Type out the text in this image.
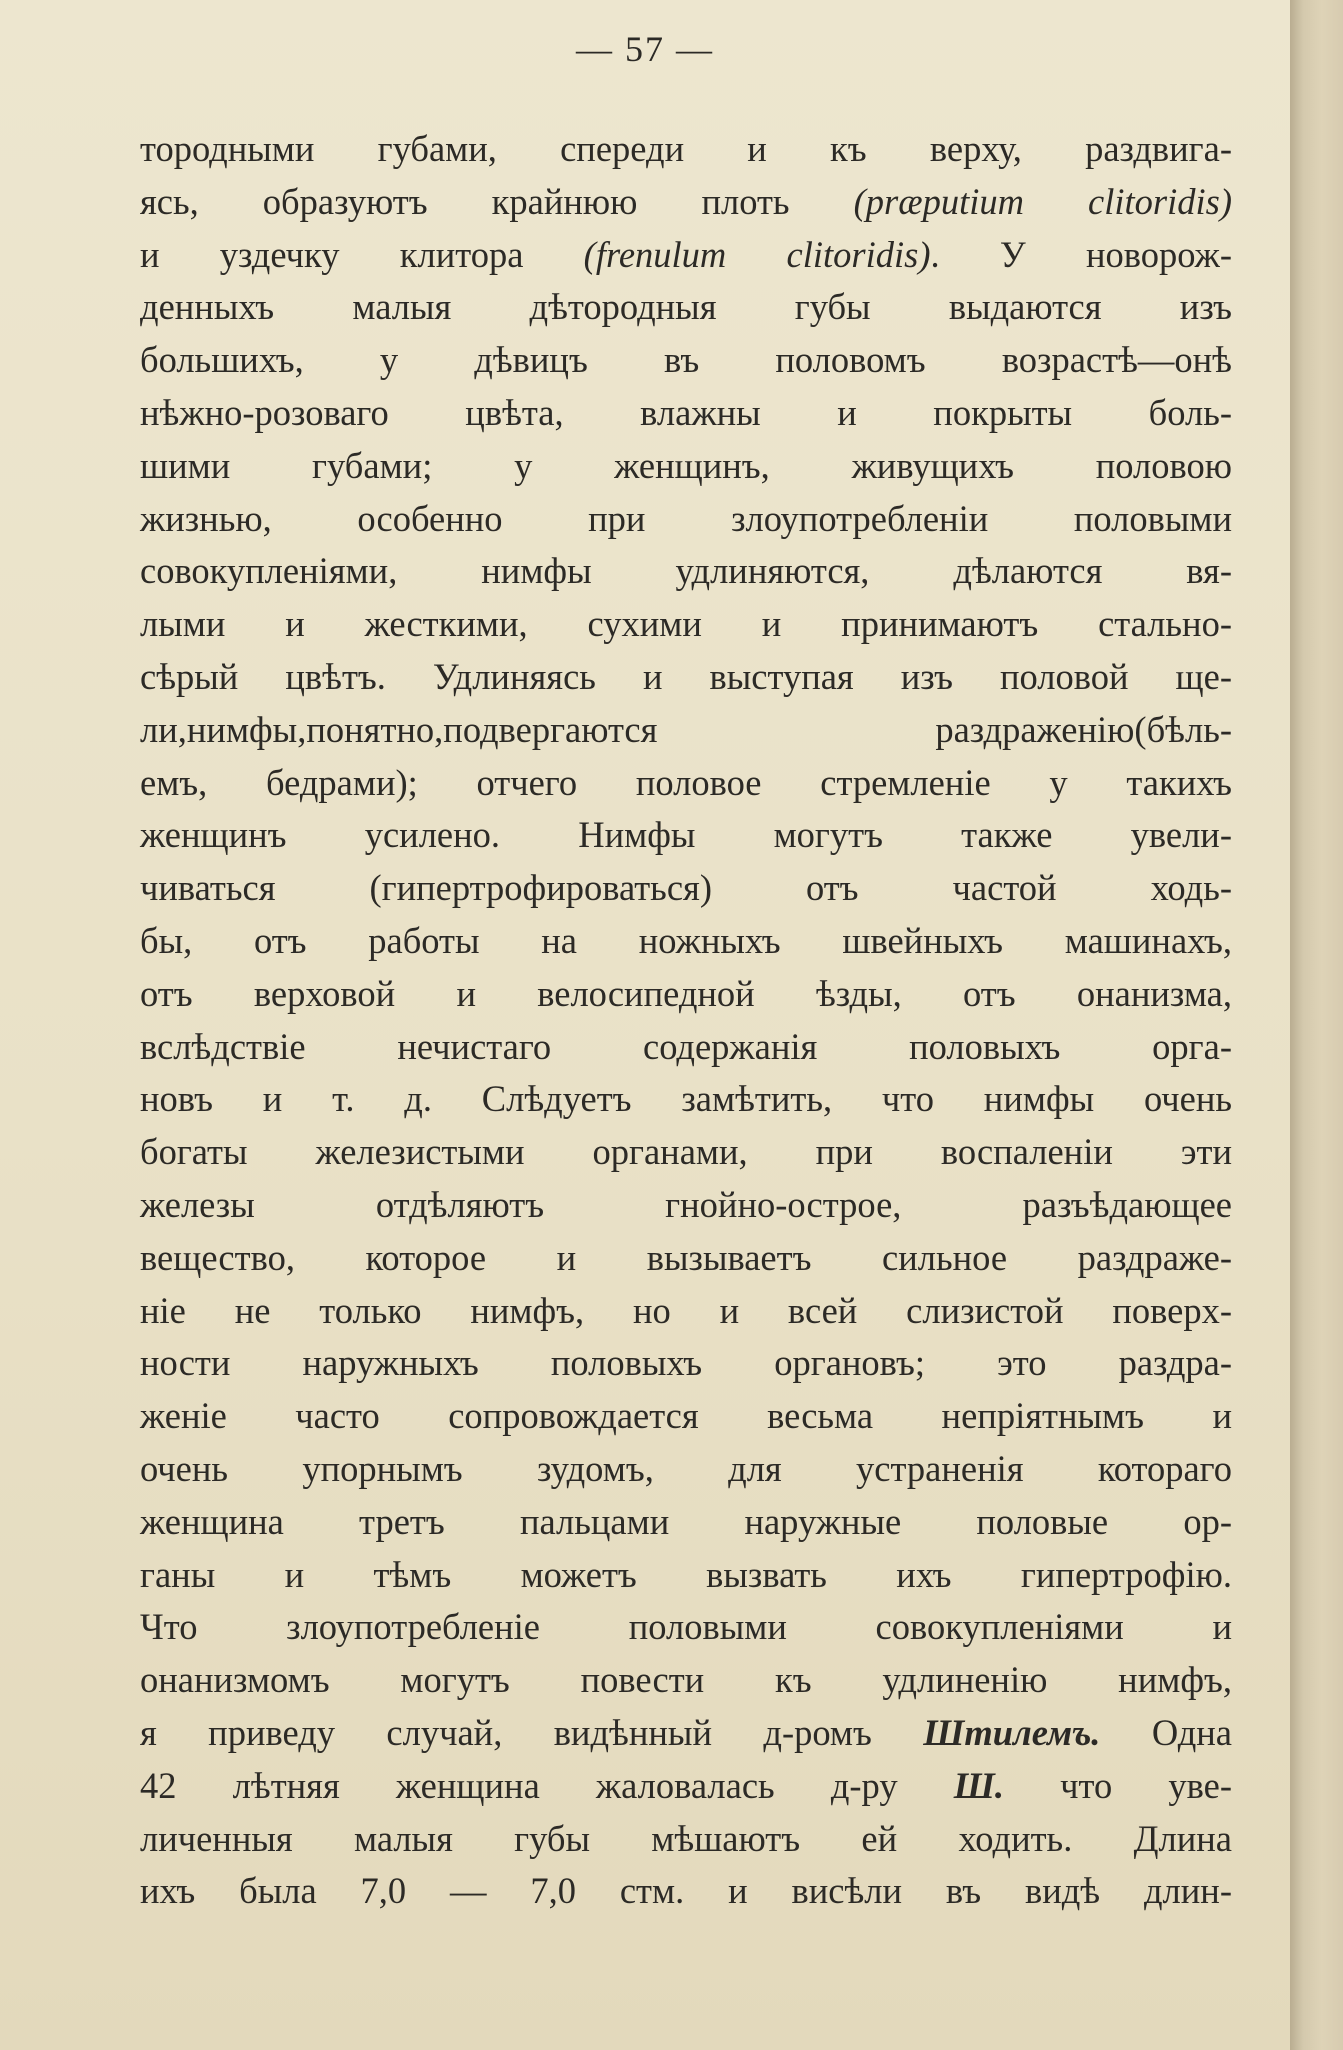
— 57 —
тородными губами, спереди и къ верху, раздвига-
ясь, образуютъ крайнюю плоть (præputium clitoridis)
и уздечку клитора (frenulum clitoridis). У новорож-
денныхъ малыя дѣтородныя губы выдаются изъ
большихъ, у дѣвицъ въ половомъ возрастѣ—онѣ
нѣжно-розоваго цвѣта, влажны и покрыты боль-
шими губами; у женщинъ, живущихъ половою
жизнью, особенно при злоупотребленіи половыми
совокупленіями, нимфы удлиняются, дѣлаются вя-
лыми и жесткими, сухими и принимаютъ стально-
сѣрый цвѣтъ. Удлиняясь и выступая изъ половой ще-
ли,нимфы,понятно,подвергаются раздраженію(бѣль-
емъ, бедрами); отчего половое стремленіе у такихъ
женщинъ усилено. Нимфы могутъ также увели-
чиваться (гипертрофироваться) отъ частой ходь-
бы, отъ работы на ножныхъ швейныхъ машинахъ,
отъ верховой и велосипедной ѣзды, отъ онанизма,
вслѣдствіе нечистаго содержанія половыхъ орга-
новъ и т. д. Слѣдуетъ замѣтить, что нимфы очень
богаты железистыми органами, при воспаленіи эти
железы отдѣляютъ гнойно-острое, разъѣдающее
вещество, которое и вызываетъ сильное раздраже-
ніе не только нимфъ, но и всей слизистой поверх-
ности наружныхъ половыхъ органовъ; это раздра-
женіе часто сопровождается весьма непріятнымъ и
очень упорнымъ зудомъ, для устраненія котораго
женщина третъ пальцами наружные половые ор-
ганы и тѣмъ можетъ вызвать ихъ гипертрофію.
Что злоупотребленіе половыми совокупленіями и
онанизмомъ могутъ повести къ удлиненію нимфъ,
я приведу случай, видѣнный д-ромъ Штилемъ. Одна
42 лѣтняя женщина жаловалась д-ру Ш. что уве-
личенныя малыя губы мѣшаютъ ей ходить. Длина
ихъ была 7,0 — 7,0 стм. и висѣли въ видѣ длин-
